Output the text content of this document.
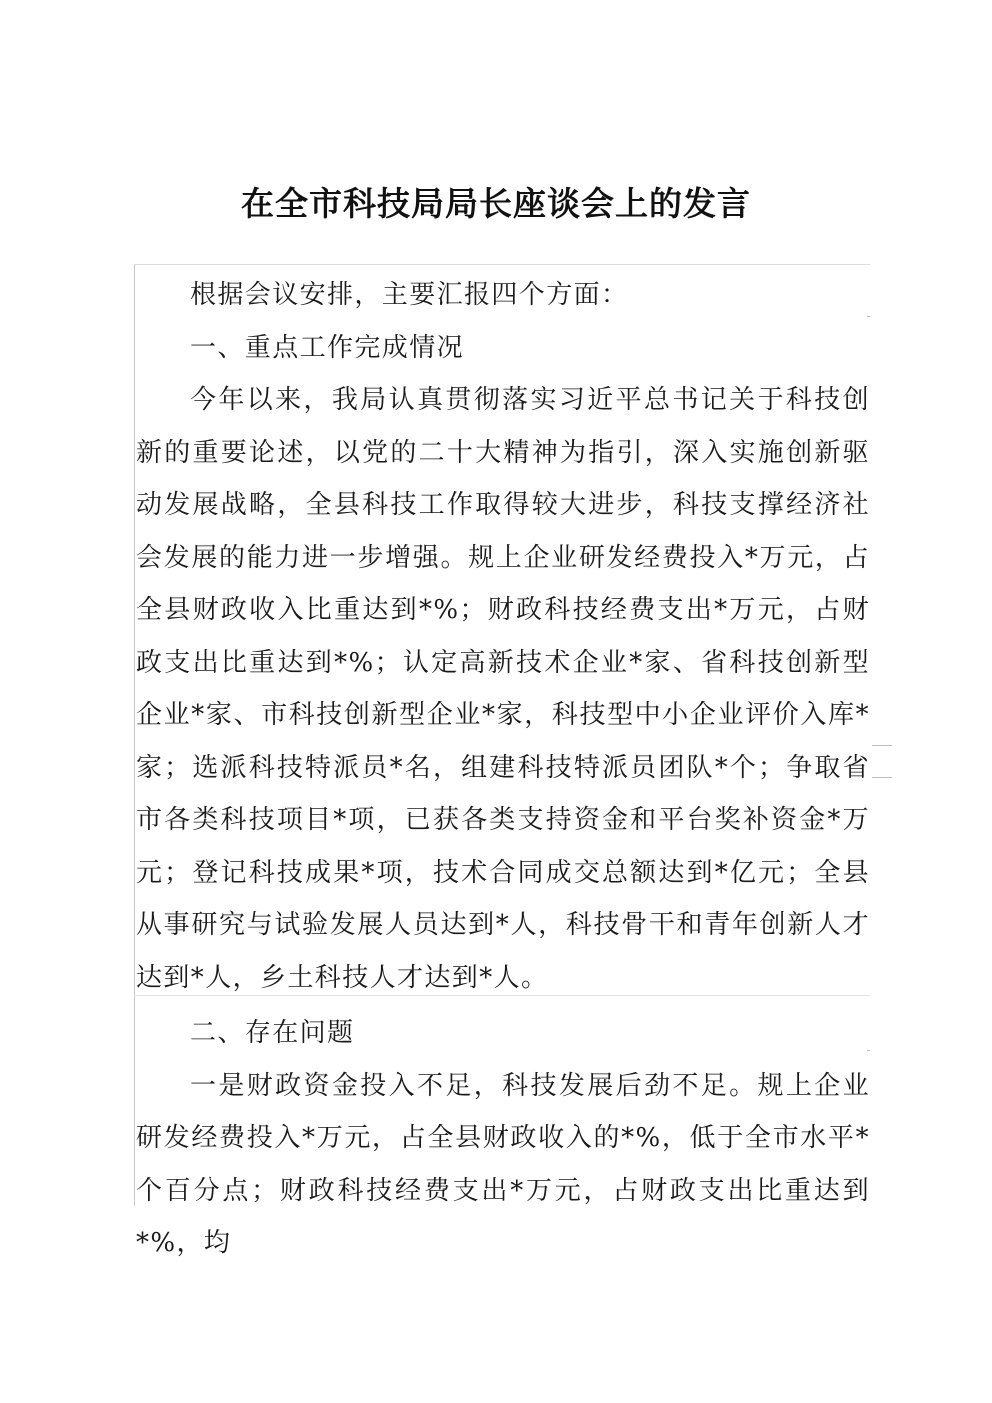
在全市科技局局长座谈会上的发言

根据会议安排，主要汇报四个方面：

一、重点工作完成情况

今年以来，我局认真贯彻落实习近平总书记关于科技创新的重要论述，以党的二十大精神为指引，深入实施创新驱动发展战略，全县科技工作取得较大进步，科技支撑经济社会发展的能力进一步增强。规上企业研发经费投入*万元，占全县财政收入比重达到*%；财政科技经费支出*万元，占财政支出比重达到*%；认定高新技术企业*家、省科技创新型企业*家、市科技创新型企业*家，科技型中小企业评价入库*家；选派科技特派员*名，组建科技特派员团队*个；争取省市各类科技项目*项，已获各类支持资金和平台奖补资金*万元；登记科技成果*项，技术合同成交总额达到*亿元；全县从事研究与试验发展人员达到*人，科技骨干和青年创新人才达到*人，乡土科技人才达到*人。

二、存在问题

一是财政资金投入不足，科技发展后劲不足。规上企业研发经费投入*万元，占全县财政收入的*%，低于全市水平*个百分点；财政科技经费支出*万元，占财政支出比重达到*%，均
